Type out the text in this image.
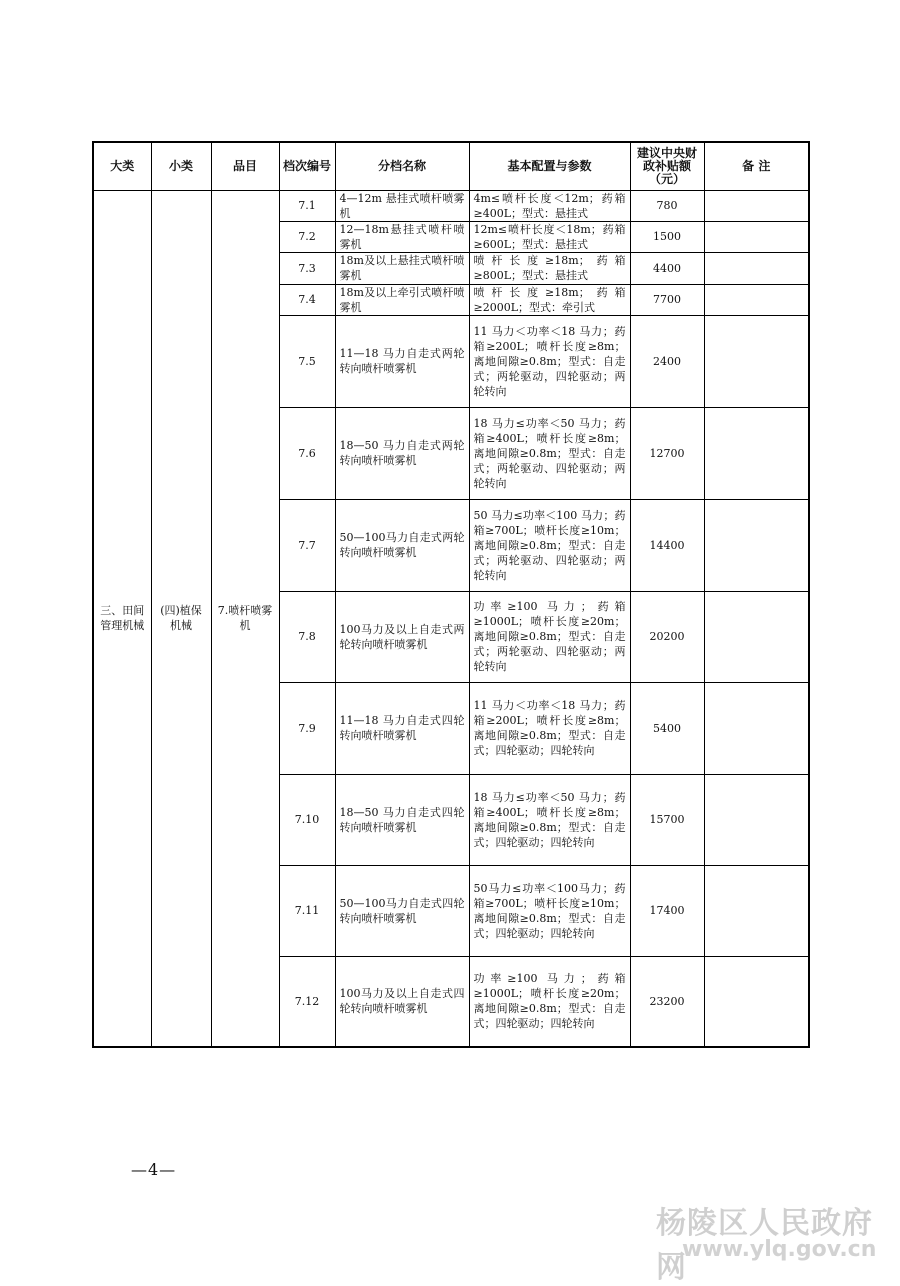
大类	小类	品目	档次编号	分档名称	基本配置与参数	建议中央财政补贴额（元）	备 注
三、田间管理机械	(四)植保机械	7.喷杆喷雾机	7.1	4—12m 悬挂式喷杆喷雾机	4m≤喷杆长度＜12m；药箱≥400L；型式：悬挂式	780	
			7.2	12—18m悬挂式喷杆喷雾机	12m≤喷杆长度＜18m；药箱≥600L；型式：悬挂式	1500	
			7.3	18m及以上悬挂式喷杆喷雾机	喷杆长度≥18m；药箱≥800L；型式：悬挂式	4400	
			7.4	18m及以上牵引式喷杆喷雾机	喷杆长度≥18m；药箱≥2000L；型式：牵引式	7700	
			7.5	11—18 马力自走式两轮转向喷杆喷雾机	11 马力＜功率＜18 马力；药箱≥200L；喷杆长度≥8m；离地间隙≥0.8m；型式：自走式；两轮驱动，四轮驱动；两轮转向	2400	
			7.6	18—50 马力自走式两轮转向喷杆喷雾机	18 马力≤功率＜50 马力；药箱≥400L；喷杆长度≥8m；离地间隙≥0.8m；型式：自走式；两轮驱动、四轮驱动；两轮转向	12700	
			7.7	50—100马力自走式两轮转向喷杆喷雾机	50 马力≤功率＜100 马力；药箱≥700L；喷杆长度≥10m；离地间隙≥0.8m；型式：自走式；两轮驱动、四轮驱动；两轮转向	14400	
			7.8	100马力及以上自走式两轮转向喷杆喷雾机	功率≥100 马力；药箱≥1000L；喷杆长度≥20m；离地间隙≥0.8m；型式：自走式；两轮驱动、四轮驱动；两轮转向	20200	
			7.9	11—18 马力自走式四轮转向喷杆喷雾机	11 马力＜功率＜18 马力；药箱≥200L；喷杆长度≥8m；离地间隙≥0.8m；型式：自走式；四轮驱动；四轮转向	5400	
			7.10	18—50 马力自走式四轮转向喷杆喷雾机	18 马力≤功率＜50 马力；药箱≥400L；喷杆长度≥8m；离地间隙≥0.8m；型式：自走式；四轮驱动；四轮转向	15700	
			7.11	50—100马力自走式四轮转向喷杆喷雾机	50马力≤功率＜100马力；药箱≥700L；喷杆长度≥10m；离地间隙≥0.8m；型式：自走式；四轮驱动；四轮转向	17400	
			7.12	100马力及以上自走式四轮转向喷杆喷雾机	功率≥100 马力；药箱≥1000L；喷杆长度≥20m；离地间隙≥0.8m；型式：自走式；四轮驱动；四轮转向	23200	
—4—
杨陵区人民政府网
www.ylq.gov.cn
